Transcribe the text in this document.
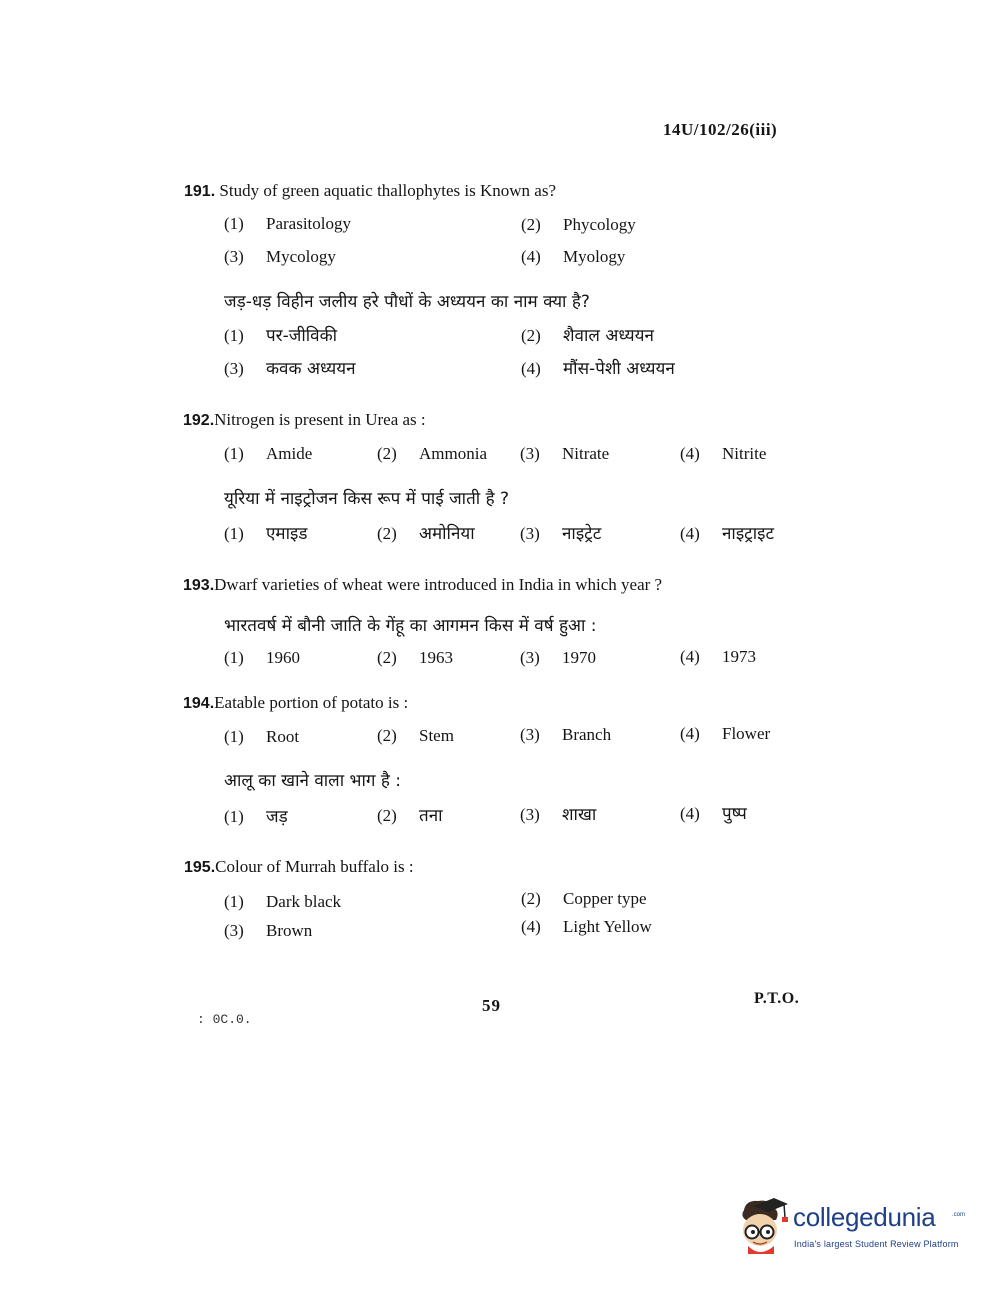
14U/102/26(iii)
191. Study of green aquatic thallophytes is Known as?
(1) Parasitology	(2) Phycology
(3) Mycology	(4) Myology
जड़-धड़ विहीन जलीय हरे पौधों के अध्ययन का नाम क्या है?
(1) पर-जीविकी	(2) शैवाल अध्ययन
(3) कवक अध्ययन	(4) मौंस-पेशी अध्ययन
192.Nitrogen is present in Urea as :
(1) Amide	(2) Ammonia (3) Nitrate	(4) Nitrite
यूरिया में नाइट्रोजन किस रूप में पाई जाती है ?
(1) एमाइड	(2) अमोनिया	(3) नाइट्रेट	(4) नाइट्राइट
193.Dwarf varieties of wheat were introduced in India in which year ?
भारतवर्ष में बौनी जाति के गेंहू का आगमन किस में वर्ष हुआ :
(1) 1960	(2) 1963	(3) 1970	(4) 1973
194.Eatable portion of potato is :
(1) Root	(2) Stem	(3) Branch	(4) Flower
आलू का खाने वाला भाग है :
(1) जड़	(2) तना	(3) शाखा	(4) पुष्प
195.Colour of Murrah buffalo is :
(1) Dark black	(2) Copper type
(3) Brown	(4) Light Yellow
59	P.T.O.
: 0C.0.
collegedunia	.com
India's largest Student Review Platform
